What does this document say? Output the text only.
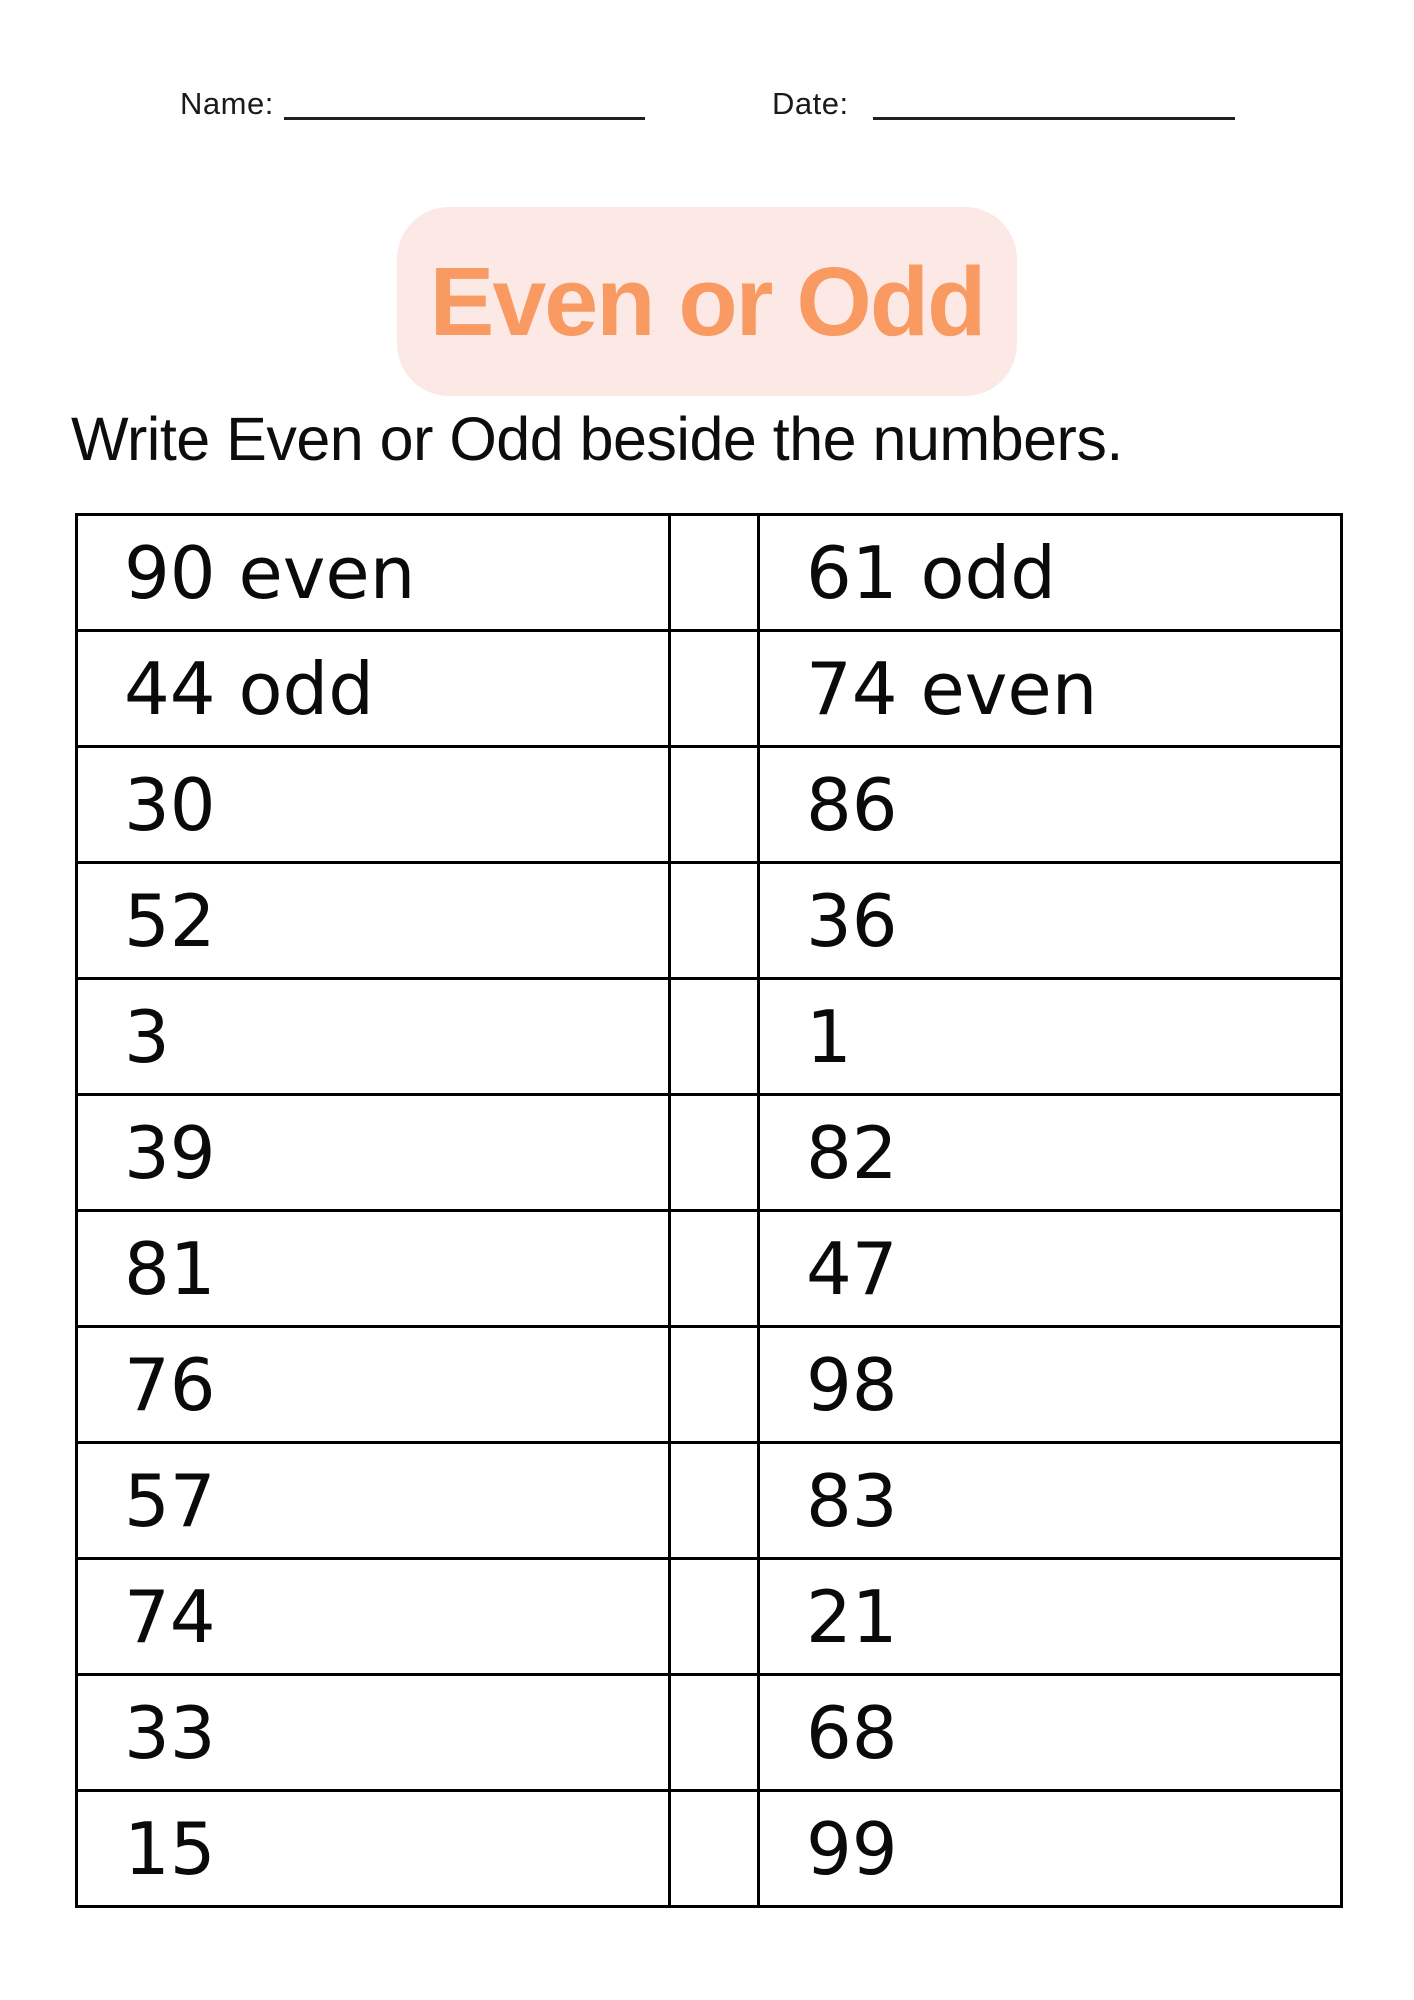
Name:	Date:
Even or Odd
Write Even or Odd beside the numbers.
90 even		61 odd
44 odd		74 even
30		86
52		36
3		1
39		82
81		47
76		98
57		83
74		21
33		68
15		99
